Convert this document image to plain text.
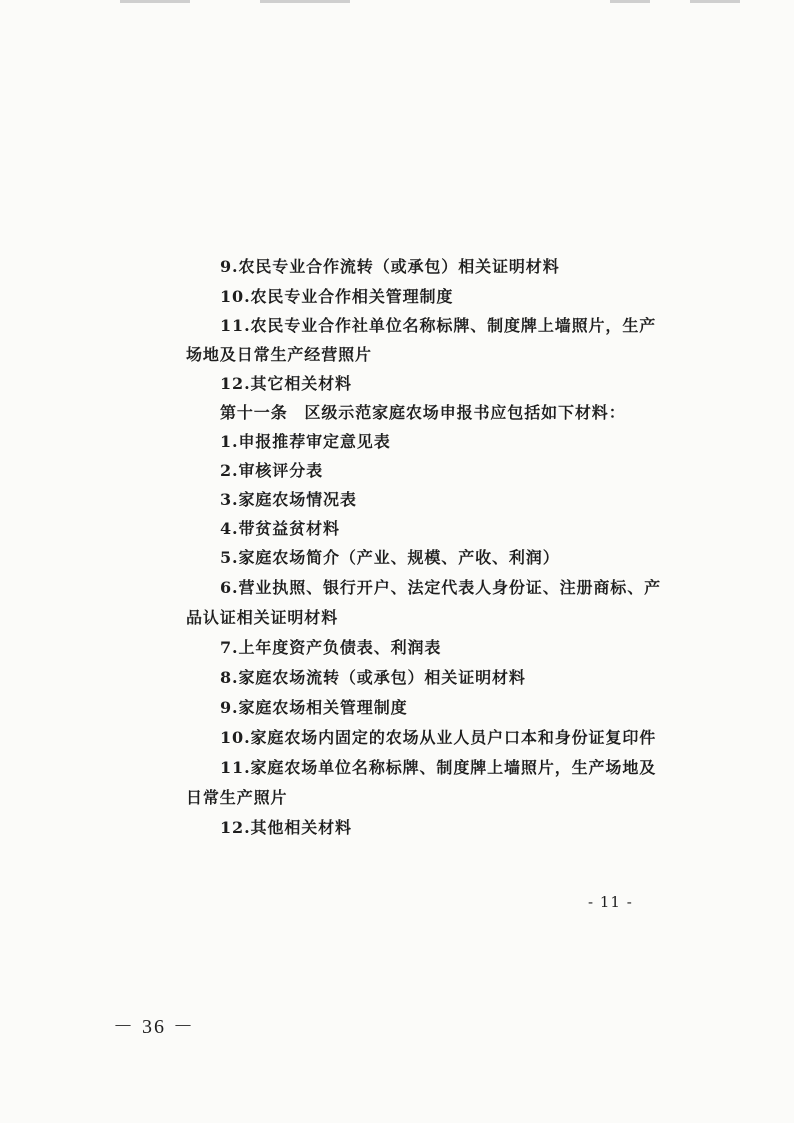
9.农民专业合作流转（或承包）相关证明材料
10.农民专业合作相关管理制度
11.农民专业合作社单位名称标牌、制度牌上墙照片，生产
场地及日常生产经营照片
12.其它相关材料
第十一条　区级示范家庭农场申报书应包括如下材料：
1.申报推荐审定意见表
2.审核评分表
3.家庭农场情况表
4.带贫益贫材料
5.家庭农场简介（产业、规模、产收、利润）
6.营业执照、银行开户、法定代表人身份证、注册商标、产
品认证相关证明材料
7.上年度资产负债表、利润表
8.家庭农场流转（或承包）相关证明材料
9.家庭农场相关管理制度
10.家庭农场内固定的农场从业人员户口本和身份证复印件
11.家庭农场单位名称标牌、制度牌上墙照片，生产场地及
日常生产照片
12.其他相关材料
- 11 -
－ 36 －
